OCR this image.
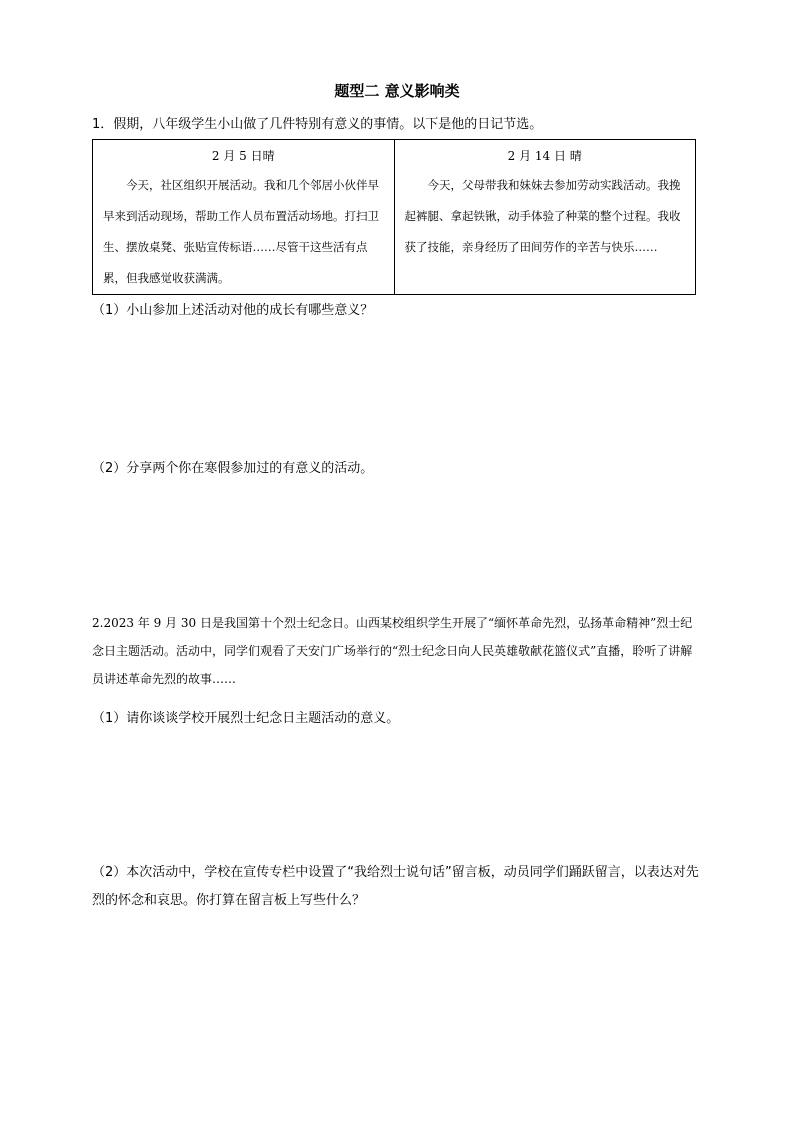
题型二 意义影响类
1．假期，八年级学生小山做了几件特别有意义的事情。以下是他的日记节选。
2 月 5 日晴

今天，社区组织开展活动。我和几个邻居小伙伴早早来到活动现场，帮助工作人员布置活动场地。打扫卫生、摆放桌凳、张贴宣传标语……尽管干这些活有点累，但我感觉收获满满。

2 月 14 日 晴

今天，父母带我和妹妹去参加劳动实践活动。我挽起裤腿、拿起铁锹，动手体验了种菜的整个过程。我收获了技能，亲身经历了田间劳作的辛苦与快乐……

（1）小山参加上述活动对他的成长有哪些意义？
（2）分享两个你在寒假参加过的有意义的活动。
2.2023 年 9 月 30 日是我国第十个烈士纪念日。山西某校组织学生开展了“缅怀革命先烈，弘扬革命精神”烈士纪念日主题活动。活动中，同学们观看了天安门广场举行的“烈士纪念日向人民英雄敬献花篮仪式”直播，聆听了讲解员讲述革命先烈的故事……
（1）请你谈谈学校开展烈士纪念日主题活动的意义。
（2）本次活动中，学校在宣传专栏中设置了“我给烈士说句话”留言板，动员同学们踊跃留言，以表达对先烈的怀念和哀思。你打算在留言板上写些什么？
